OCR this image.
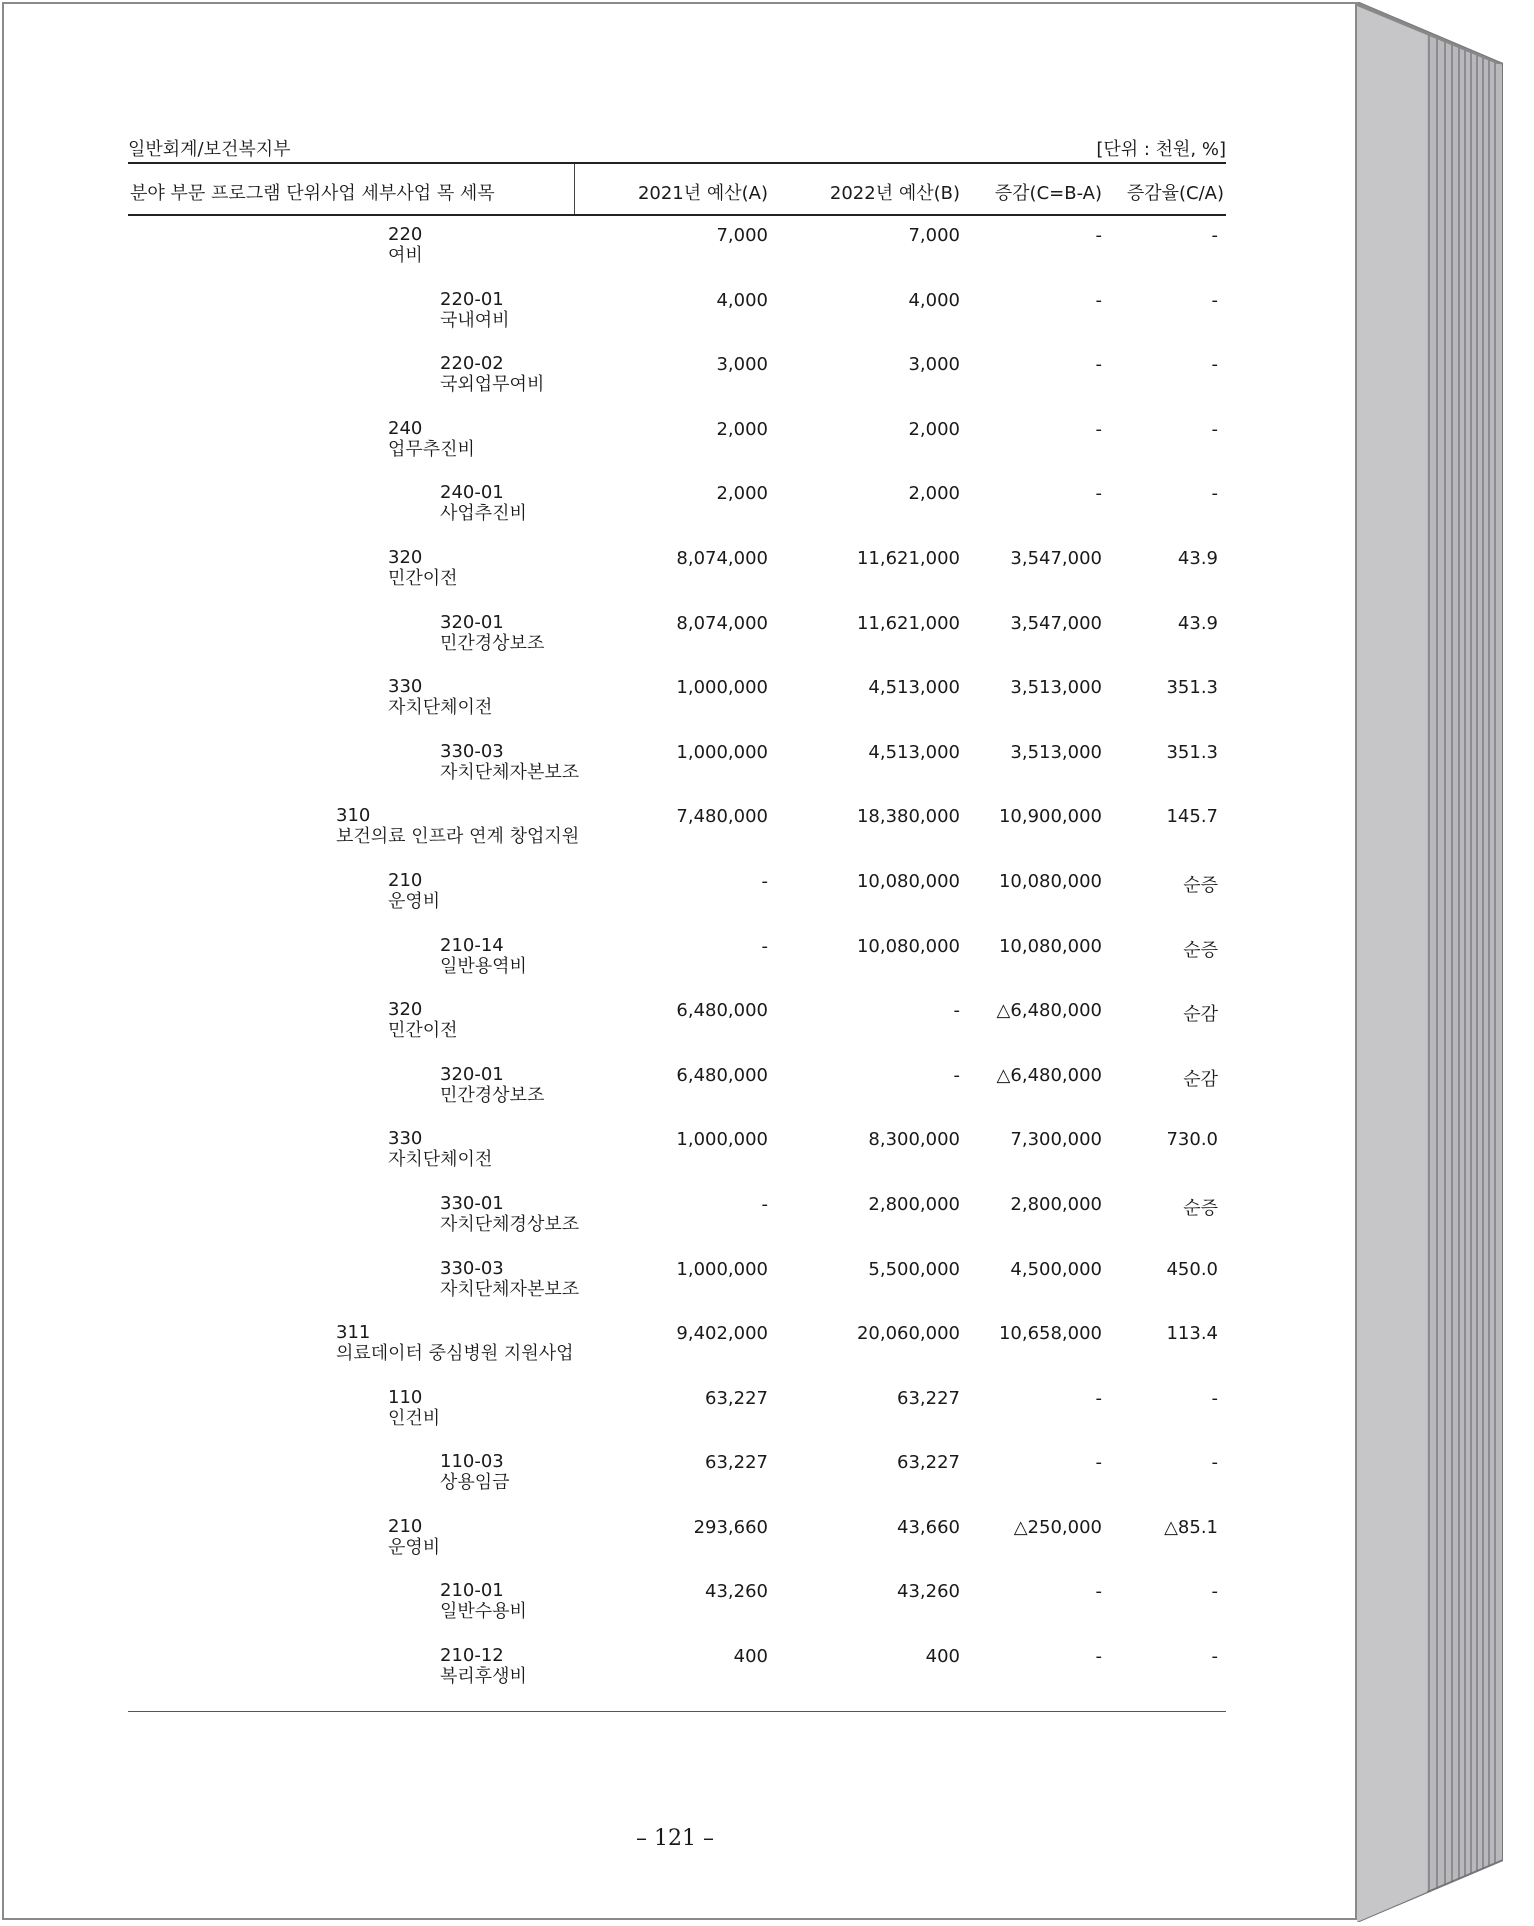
일반회계/보건복지부	[단위 : 천원, %]
분야 부문 프로그램 단위사업 세부사업 목 세목	2021년 예산(A)	2022년 예산(B) 증감(C=B-A) 증감율(C/A)
220
여비
7,000	7,000	-	-
220-01
국내여비
4,000	4,000	-	-
220-02
국외업무여비
3,000	3,000	-	-
240
업무추진비
2,000	2,000	-	-
240-01
사업추진비
2,000	2,000	-	-
320
민간이전
8,074,000	11,621,000	3,547,000	43.9
320-01
민간경상보조
8,074,000	11,621,000	3,547,000	43.9
330
자치단체이전
1,000,000	4,513,000	3,513,000	351.3
330-03
자치단체자본보조
1,000,000	4,513,000	3,513,000	351.3
310
보건의료 인프라 연계 창업지원
7,480,000	18,380,000 10,900,000	145.7
210
운영비
-	10,080,000 10,080,000	순증
210-14
일반용역비
-	10,080,000 10,080,000	순증
320
민간이전
6,480,000	- △6,480,000	순감
320-01
민간경상보조
6,480,000	- △6,480,000	순감
330
자치단체이전
1,000,000	8,300,000	7,300,000	730.0
330-01
자치단체경상보조
-	2,800,000	2,800,000	순증
330-03
자치단체자본보조
1,000,000	5,500,000	4,500,000	450.0
311
의료데이터 중심병원 지원사업
9,402,000	20,060,000 10,658,000	113.4
110
인건비
63,227	63,227	-	-
110-03
상용임금
63,227	63,227	-	-
210
운영비
293,660	43,660	△250,000	△85.1
210-01
일반수용비
43,260	43,260	-	-
210-12
복리후생비
400	400	-	-
– 121 –
